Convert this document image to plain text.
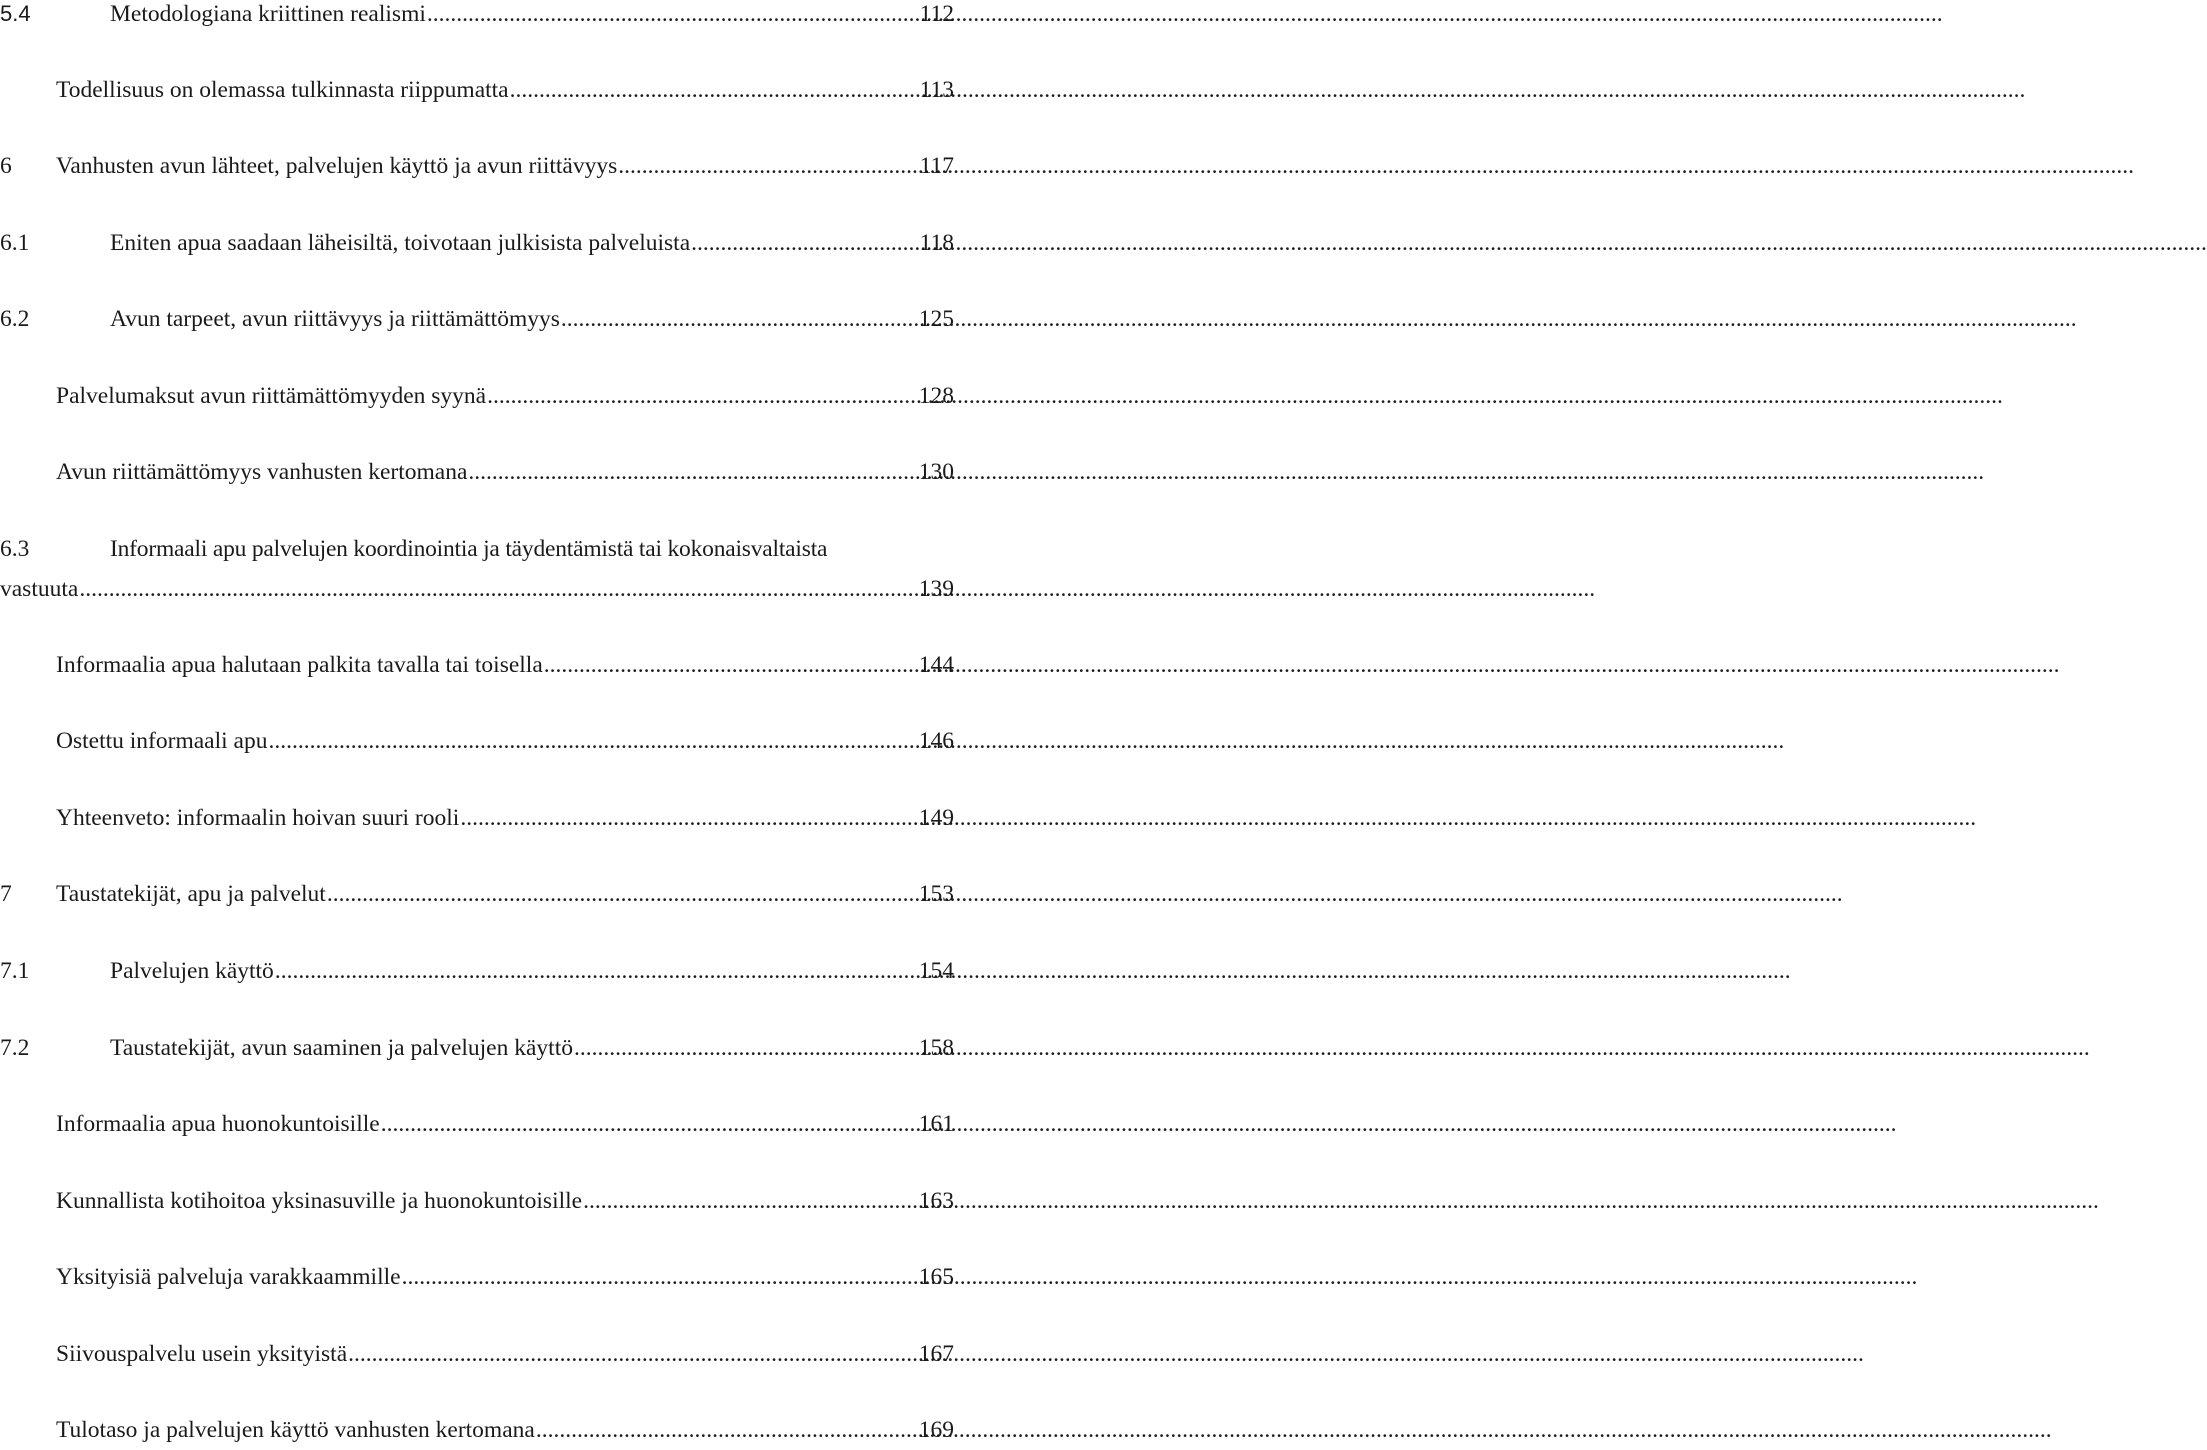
5.4	Metodologiana kriittinen realismi .....	112
Todellisuus on olemassa tulkinnasta riippumatta .....	113
6	Vanhusten avun lähteet, palvelujen käyttö ja avun riittävyys .....	117
6.1	Eniten apua saadaan läheisiltä, toivotaan julkisista palveluista .....	118
6.2	Avun tarpeet, avun riittävyys ja riittämättömyys .....	125
Palvelumaksut avun riittämättömyyden syynä .....	128
Avun riittämättömyys vanhusten kertomana .....	130
6.3	Informaali apu palvelujen koordinointia ja täydentämistä tai kokonaisvaltaista
vastuuta .....	139
Informaalia apua halutaan palkita tavalla tai toisella .....	144
Ostettu informaali apu .....	146
Yhteenveto: informaalin hoivan suuri rooli .....	149
7	Taustatekijät, apu ja palvelut .....	153
7.1	Palvelujen käyttö .....	154
7.2	Taustatekijät, avun saaminen ja palvelujen käyttö .....	158
Informaalia apua huonokuntoisille .....	161
Kunnallista kotihoitoa yksinasuville ja huonokuntoisille .....	163
Yksityisiä palveluja varakkaammille .....	165
Siivouspalvelu usein yksityistä .....	167
Tulotaso ja palvelujen käyttö vanhusten kertomana .....	169
